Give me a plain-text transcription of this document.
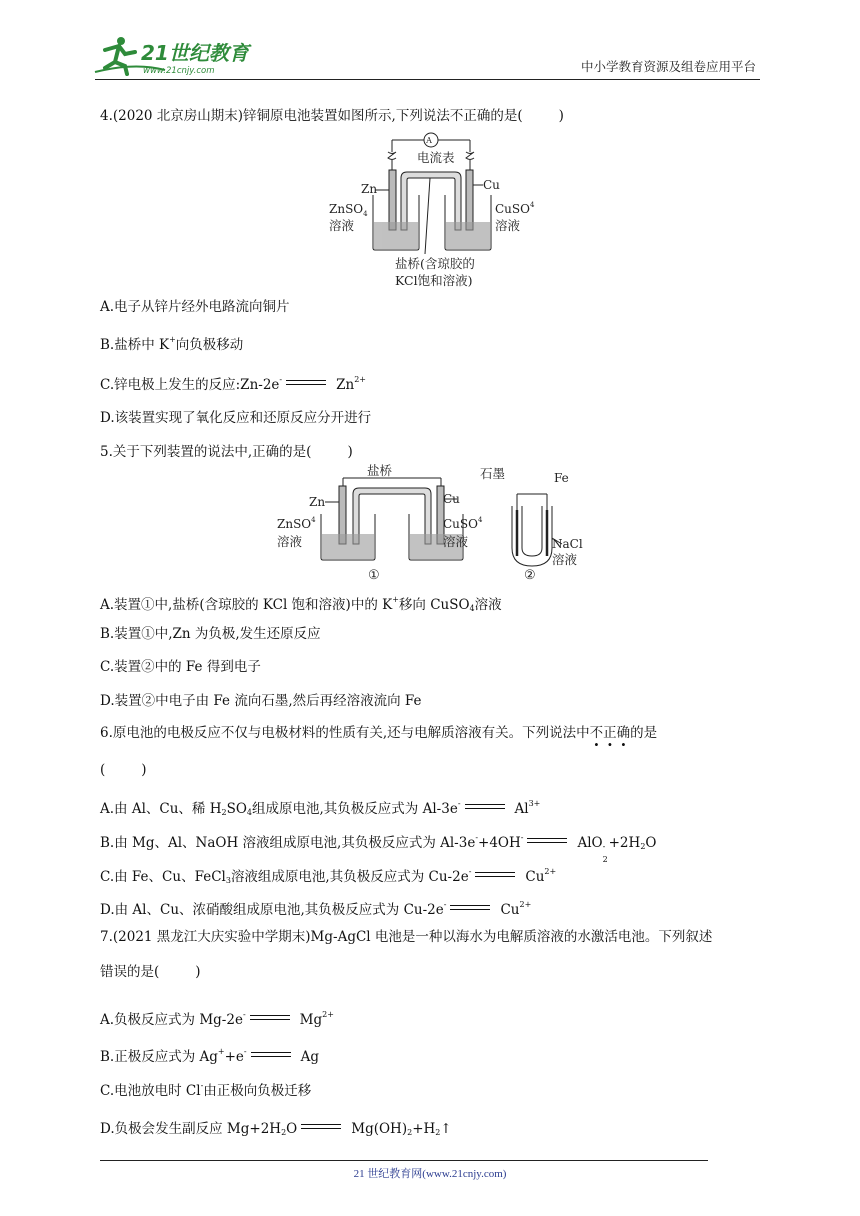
21世纪教育
www.21cnjy.com	中小学教育资源及组卷应用平台
4.(2020 北京房山期末)锌铜原电池装置如图所示,下列说法不正确的是(	)
A
电流表
Zn	Cu
ZnSO$_4$
溶液
CuSO$^4$
溶液
盐桥(含琼胶的
KCl饱和溶液)
A.电子从锌片经外电路流向铜片
B.盐桥中 K+向负极移动
C.锌电极上发生的反应:Zn-2e-	$Zn^{2+}$
D.该装置实现了氧化反应和还原反应分开进行
5.关于下列装置的说法中,正确的是(	)
盐桥
Zn	Cu
ZnSO$^4$
溶液
CuSO$^4$
溶液
①
石墨	Fe
NaCl
溶液
②
A.装置①中,盐桥(含琼胶的 KCl 饱和溶液)中的 K+移向 CuSO$_4$溶液
B.装置①中,Zn 为负极,发生还原反应
C.装置②中的 Fe 得到电子
D.装置②中电子由 Fe 流向石墨,然后再经溶液流向 Fe
6.原电池的电极反应不仅与电极材料的性质有关,还与电解质溶液有关。下列说法中不正确的是
(	)
A.由 Al、Cu、稀 $H_2SO_4$组成原电池,其负极反应式为 Al-3e-	$Al^{3+}$
B.由 Mg、Al、NaOH 溶液组成原电池,其负极反应式为 Al-3e-+4OH-	AlO -
2
$+2H_2O$
C.由 Fe、Cu、FeCl$_3$溶液组成原电池,其负极反应式为 Cu-2e-	$Cu^{2+}$
D.由 Al、Cu、浓硝酸组成原电池,其负极反应式为 Cu-2e-	$Cu^{2+}$
7.(2021 黑龙江大庆实验中学期末)Mg-AgCl 电池是一种以海水为电解质溶液的水激活电池。下列叙述
错误的是(	)
A.负极反应式为 Mg-2e-	$Mg^{2+}$
B.正极反应式为 Ag++e-	Ag
C.电池放电时 Cl-由正极向负极迁移
D.负极会发生副反应 $Mg+2H_2O$	$Mg(OH)_2+H_2↑$
21 世纪教育网(www.21cnjy.com)
